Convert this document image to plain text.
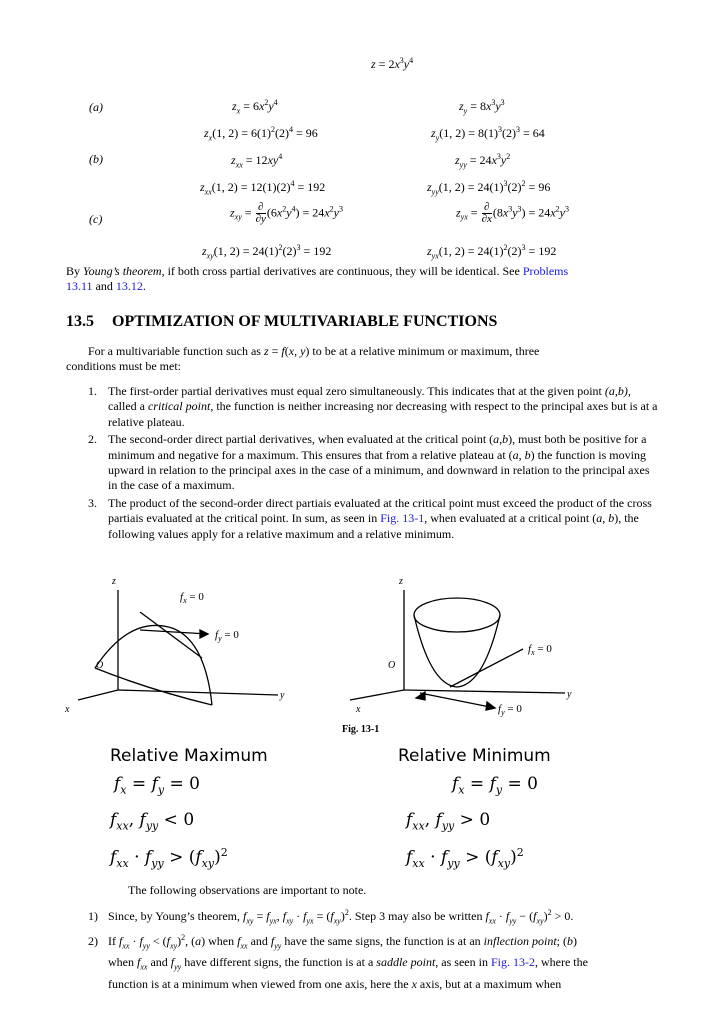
$z = 2x^3y^4$
(a)	$z_x = 6x^2y^4$	$z_y = 8x^3y^3$
$z_x(1$, $2) = 6(1)^2(2)^4 = 96$	$z_y(1$, $2) = 8(1)^3(2)^3 = 64$
(b)	$z_{xx} = 12xy^4$	$z_{yy} = 24x^3y^2$
$z_{xx}(1$, $2) = 12(1)(2)^4 = 192$	$z_{yy}(1$, $2) = 24(1)^3(2)^2 = 96$
(c)	$z_{xy} = \frac{\partial}{\partial y} (6x^2y^4) = 24x^2y^3$	$z_{yx} = \frac{\partial}{\partial x} (8x^3y^3) = 24x^2y^3$
$z_{xy}(1$, $2) = 24(1)^2(2)^3 = 192$	$z_{yx}(1$, $2) = 24(1)^2(2)^3 = 192$
By Young’s theorem, if both cross partial derivatives are continuous, they will be identical. See Problems
13.11 and 13.12.
13.5 OPTIMIZATION OF MULTIVARIABLE FUNCTIONS
For a multivariable function such as z = f(x, y) to be at a relative minimum or maximum, three
conditions must be met:
1. The first-order partial derivatives must equal zero simultaneously. This indicates that at the given point (a,b), called a critical point, the function is neither increasing nor decreasing with respect to the principal axes but is at a relative plateau.
2. The second-order direct partial derivatives, when evaluated at the critical point (a,b), must both be positive for a minimum and negative for a maximum. This ensures that from a relative plateau at (a, b) the function is moving upward in relation to the principal axes in the case of a minimum, and downward in relation to the principal axes in the case of a maximum.
3. The product of the second-order direct partiais evaluated at the critical point must exceed the product of the cross partiais evaluated at the critical point. In sum, as seen in Fig. 13-1, when evaluated at a critical point (a, b), the following values apply for a relative maximum and a relative minimum.
z
O
x
y
$f_x = 0$
$f_y = 0$
z
O
x
y
$f_x = 0$
$f_y = 0$
Fig. 13-1
Relative Maximum
$f_x = f_y = 0$
$f_{xx}$, $f_{yy} < 0$
$f_{xx} \cdot f_{yy} > (f_{xy})^2$
Relative Minimum
$f_x = f_y = 0$
$f_{xx}$, $f_{yy} > 0$
$f_{xx} \cdot f_{yy} > (f_{xy})^2$
The following observations are important to note.
1) Since, by Young’s theorem, $f_{xy} = f_{yx}$, $f_{xy} \cdot f_{yx} = (f_{xy})^2$. Step 3 may also be written $f_{xx} \cdot f_{yy} - (f_{xy})^2 > 0$.
2) If $f_{xx} \cdot f_{yy} < (f_{xy})^2$, (a) when $f_{xx}$ and $f_{yy}$ have the same signs, the function is at an inflection point; (b)
when $f_{xx}$ and $f_{yy}$ have different signs, the function is at a saddle point, as seen in Fig. 13-2, where the
function is at a minimum when viewed from one axis, here the x axis, but at a maximum when
